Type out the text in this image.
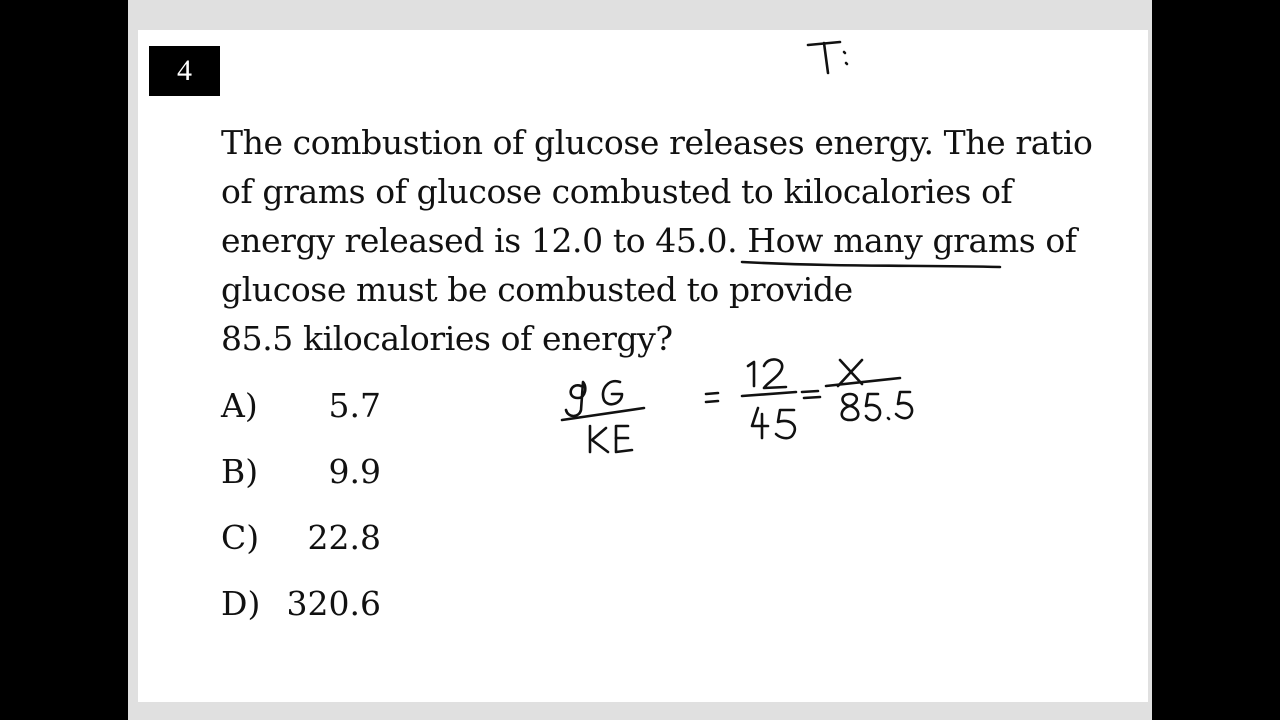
4

The combustion of glucose releases energy. The ratio
of grams of glucose combusted to kilocalories of
energy released is 12.0 to 45.0. How many grams of
glucose must be combusted to provide
85.5 kilocalories of energy?

A) 5.7
B) 9.9
C) 22.8
D) 320.6
